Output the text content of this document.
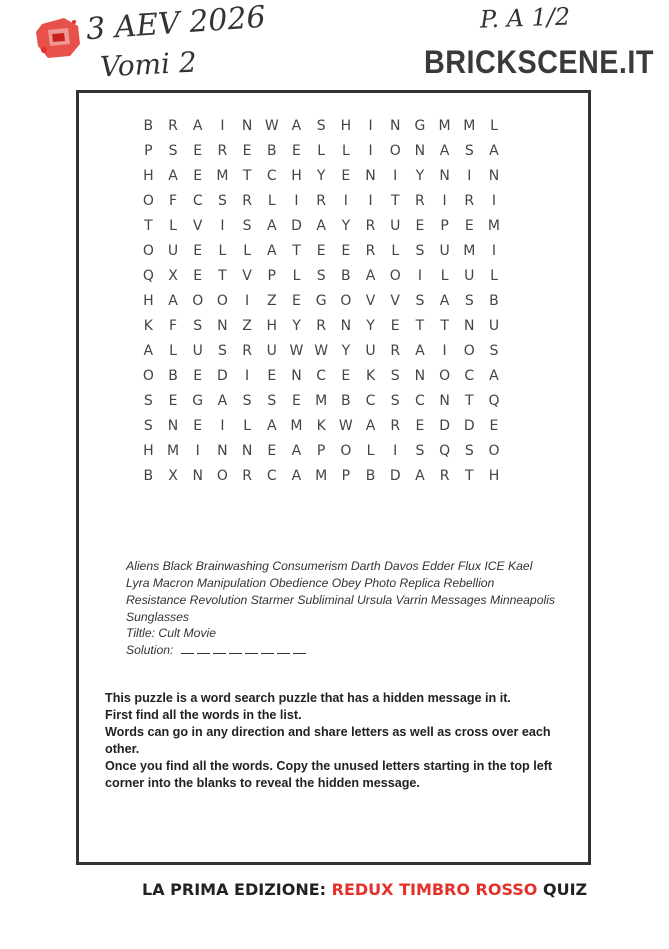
3 AEV 2026
Vomi 2
P. A 1/2
BRICKSCENE.IT
B	R	A	I	N W A	S	H	I	N	G M M	L
P	S	E	R	E	B	E	L	L	I	O N	A	S	A
H	A	E	M	T	C	H	Y	E	N	I	Y	N	I	N
O	F	C	S	R	L	I	R	I	I	T	R	I	R	I
T	L	V	I	S	A	D	A	Y	R	U	E	P	E	M
O	U	E	L	L	A	T	E	E	R	L	S	U M	I
Q	X	E	T	V	P	L	S	B	A	O	I	L	U	L
H	A	O O	I	Z	E	G O	V	V	S	A	S	B
K	F	S	N	Z	H	Y	R	N	Y	E	T	T	N	U
A	L	U	S	R	U W W Y	U	R	A	I	O	S
O	B	E	D	I	E	N	C	E	K	S	N O	C	A
S	E	G	A	S	S	E	M B	C	S	C	N	T	Q
S	N	E	I	L	A M	K W A	R	E	D D	E
H M	I	N	N	E	A	P	O	L	I	S	Q	S	O
B	X	N O	R	C	A M	P	B	D	A	R	T	H
Aliens Black Brainwashing Consumerism Darth Davos Edder Flux ICE Kael Lyra Macron Manipulation Obedience Obey Photo Replica Rebellion Resistance Revolution Starmer Subliminal Ursula Varrin Messages Minneapolis Sunglasses
Tiltle: Cult Movie
Solution:

This puzzle is a word search puzzle that has a hidden message in it.

First find all the words in the list.

Words can go in any direction and share letters as well as cross over each other.

Once you find all the words. Copy the unused letters starting in the top left corner into the blanks to reveal the hidden message.

LA PRIMA EDIZIONE: REDUX TIMBRO ROSSO QUIZ
